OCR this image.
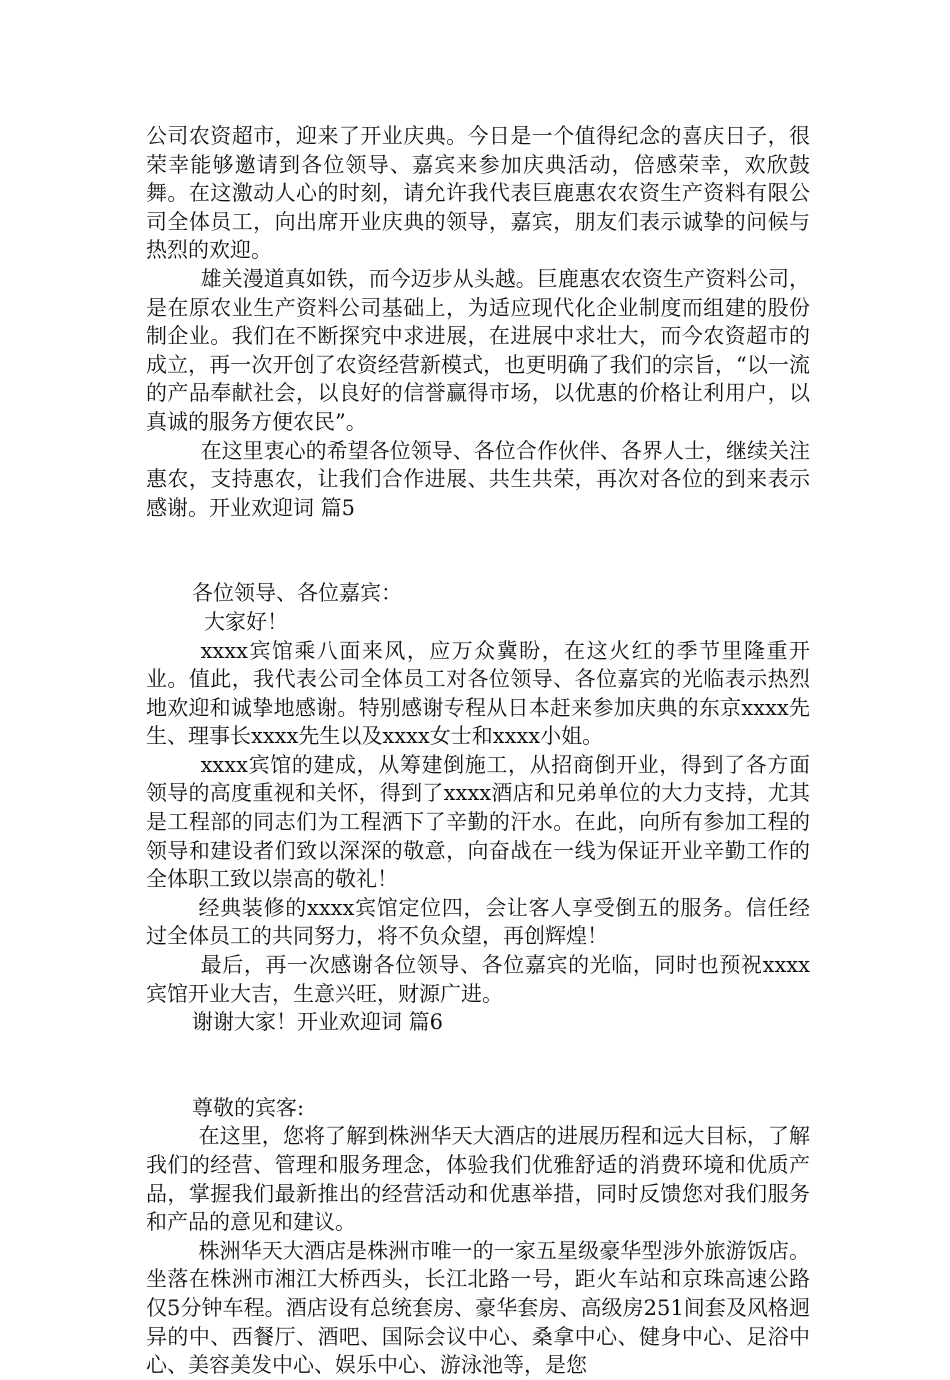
公司农资超市，迎来了开业庆典。今日是一个值得纪念的喜庆日子，很荣幸能够邀请到各位领导、嘉宾来参加庆典活动，倍感荣幸，欢欣鼓舞。在这激动人心的时刻，请允许我代表巨鹿惠农农资生产资料有限公司全体员工，向出席开业庆典的领导，嘉宾，朋友们表示诚挚的问候与热烈的欢迎。

雄关漫道真如铁，而今迈步从头越。巨鹿惠农农资生产资料公司，是在原农业生产资料公司基础上，为适应现代化企业制度而组建的股份制企业。我们在不断探究中求进展，在进展中求壮大，而今农资超市的成立，再一次开创了农资经营新模式，也更明确了我们的宗旨，“以一流的产品奉献社会，以良好的信誉赢得市场，以优惠的价格让利用户，以真诚的服务方便农民”。

在这里衷心的希望各位领导、各位合作伙伴、各界人士，继续关注惠农，支持惠农，让我们合作进展、共生共荣，再次对各位的到来表示感谢。开业欢迎词 篇5

各位领导、各位嘉宾：

大家好！

xxxx宾馆乘八面来风，应万众冀盼，在这火红的季节里隆重开业。值此，我代表公司全体员工对各位领导、各位嘉宾的光临表示热烈地欢迎和诚挚地感谢。特别感谢专程从日本赶来参加庆典的东京xxxx先生、理事长xxxx先生以及xxxx女士和xxxx小姐。

xxxx宾馆的建成，从筹建倒施工，从招商倒开业，得到了各方面领导的高度重视和关怀，得到了xxxx酒店和兄弟单位的大力支持，尤其是工程部的同志们为工程洒下了辛勤的汗水。在此，向所有参加工程的领导和建设者们致以深深的敬意，向奋战在一线为保证开业辛勤工作的全体职工致以崇高的敬礼！

经典装修的xxxx宾馆定位四，会让客人享受倒五的服务。信任经过全体员工的共同努力，将不负众望，再创辉煌！

最后，再一次感谢各位领导、各位嘉宾的光临，同时也预祝xxxx宾馆开业大吉，生意兴旺，财源广进。

谢谢大家！开业欢迎词 篇6

尊敬的宾客:

在这里，您将了解到株洲华天大酒店的进展历程和远大目标，了解我们的经营、管理和服务理念，体验我们优雅舒适的消费环境和优质产品，掌握我们最新推出的经营活动和优惠举措，同时反馈您对我们服务和产品的意见和建议。

株洲华天大酒店是株洲市唯一的一家五星级豪华型涉外旅游饭店。坐落在株洲市湘江大桥西头，长江北路一号，距火车站和京珠高速公路仅5分钟车程。酒店设有总统套房、豪华套房、高级房251间套及风格迥异的中、西餐厅、酒吧、国际会议中心、桑拿中心、健身中心、足浴中心、美容美发中心、娱乐中心、游泳池等，是您
